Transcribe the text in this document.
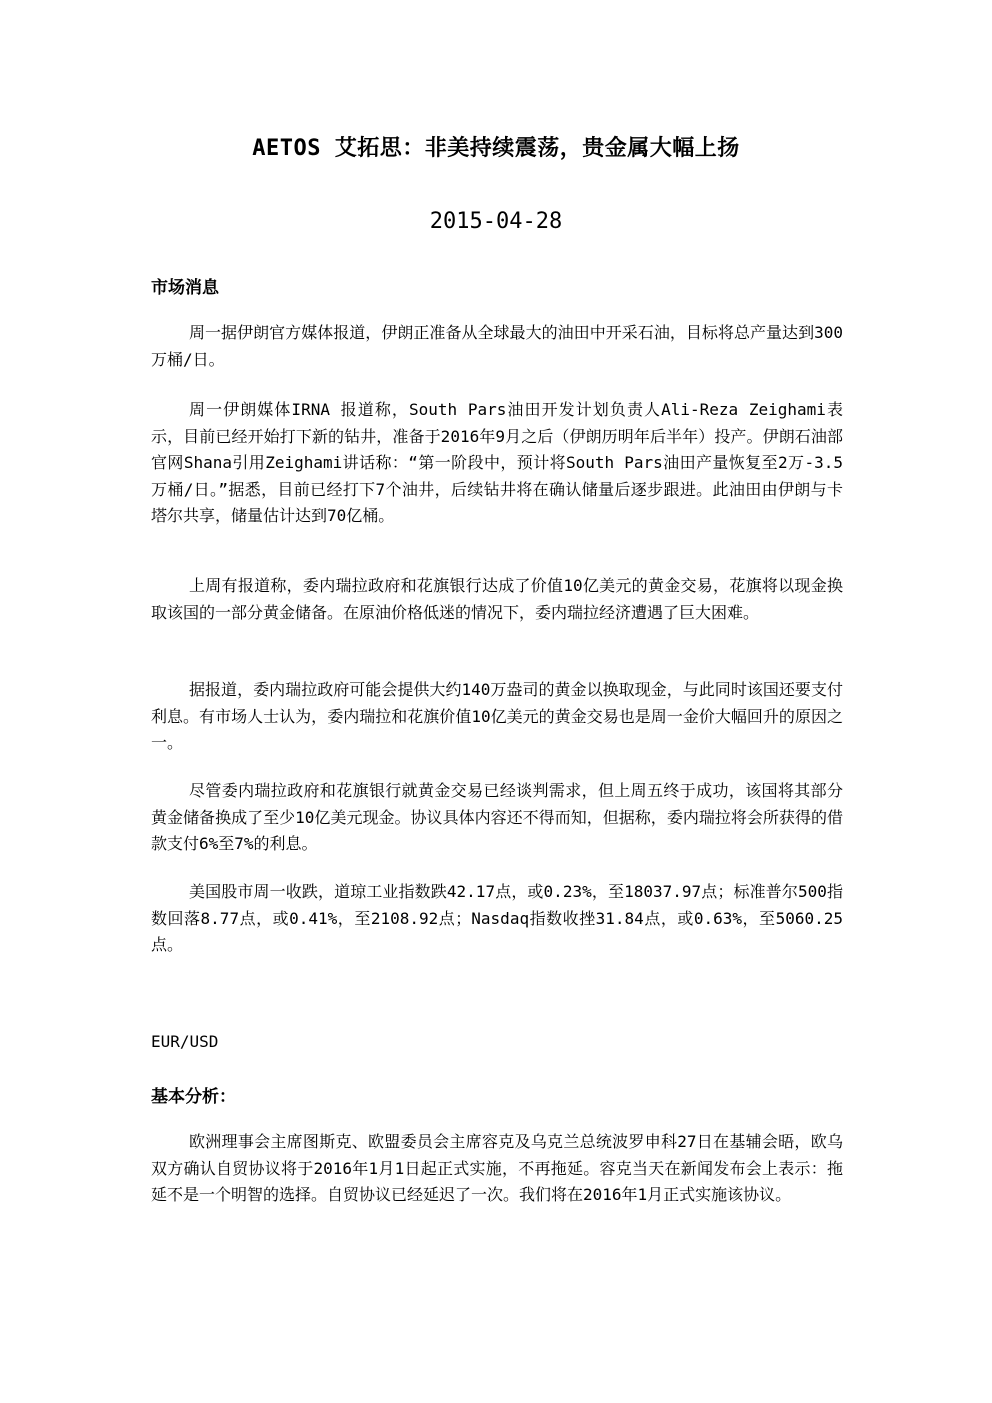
AETOS 艾拓思：非美持续震荡，贵金属大幅上扬
2015-04-28
市场消息

周一据伊朗官方媒体报道，伊朗正准备从全球最大的油田中开采石油，目标将总产量达到300万桶/日。

周一伊朗媒体IRNA 报道称，South Pars油田开发计划负责人Ali-Reza Zeighami表示，目前已经开始打下新的钻井，准备于2016年9月之后（伊朗历明年后半年）投产。伊朗石油部官网Shana引用Zeighami讲话称：“第一阶段中，预计将South Pars油田产量恢复至2万-3.5万桶/日。”据悉，目前已经打下7个油井，后续钻井将在确认储量后逐步跟进。此油田由伊朗与卡塔尔共享，储量估计达到70亿桶。

上周有报道称，委内瑞拉政府和花旗银行达成了价值10亿美元的黄金交易，花旗将以现金换取该国的一部分黄金储备。在原油价格低迷的情况下，委内瑞拉经济遭遇了巨大困难。

据报道，委内瑞拉政府可能会提供大约140万盎司的黄金以换取现金，与此同时该国还要支付利息。有市场人士认为，委内瑞拉和花旗价值10亿美元的黄金交易也是周一金价大幅回升的原因之一。

尽管委内瑞拉政府和花旗银行就黄金交易已经谈判需求，但上周五终于成功，该国将其部分黄金储备换成了至少10亿美元现金。协议具体内容还不得而知，但据称，委内瑞拉将会所获得的借款支付6%至7%的利息。

美国股市周一收跌，道琼工业指数跌42.17点，或0.23%，至18037.97点；标准普尔500指数回落8.77点，或0.41%，至2108.92点；Nasdaq指数收挫31.84点，或0.63%，至5060.25点。

EUR/USD
基本分析：

欧洲理事会主席图斯克、欧盟委员会主席容克及乌克兰总统波罗申科27日在基辅会晤，欧乌双方确认自贸协议将于2016年1月1日起正式实施，不再拖延。容克当天在新闻发布会上表示：拖延不是一个明智的选择。自贸协议已经延迟了一次。我们将在2016年1月正式实施该协议。
